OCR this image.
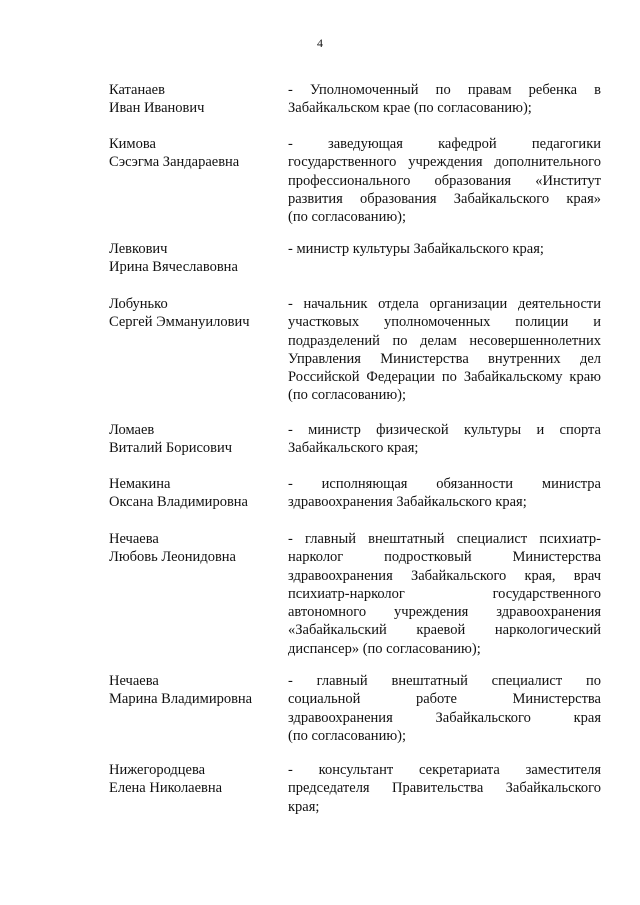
4
Катанаев
Иван Иванович
- Уполномоченный по правам ребенка в
Забайкальском крае (по согласованию);
Кимова
Сэсэгма Зандараевна
- заведующая кафедрой педагогики
государственного учреждения дополнительного
профессионального образования «Институт
развития образования Забайкальского края»
(по согласованию);
Левкович
Ирина Вячеславовна
- министр культуры Забайкальского края;
Лобунько
Сергей Эммануилович
- начальник отдела организации деятельности
участковых уполномоченных полиции и
подразделений по делам несовершеннолетних
Управления Министерства внутренних дел
Российской Федерации по Забайкальскому краю
(по согласованию);
Ломаев
Виталий Борисович
- министр физической культуры и спорта
Забайкальского края;
Немакина
Оксана Владимировна
- исполняющая обязанности министра
здравоохранения Забайкальского края;
Нечаева
Любовь Леонидовна
- главный внештатный специалист психиатр-
нарколог подростковый Министерства
здравоохранения Забайкальского края, врач
психиатр-нарколог государственного
автономного учреждения здравоохранения
«Забайкальский краевой наркологический
диспансер» (по согласованию);
Нечаева
Марина Владимировна
- главный внештатный специалист по
социальной работе Министерства
здравоохранения Забайкальского края
(по согласованию);
Нижегородцева
Елена Николаевна
- консультант секретариата заместителя
председателя Правительства Забайкальского
края;
